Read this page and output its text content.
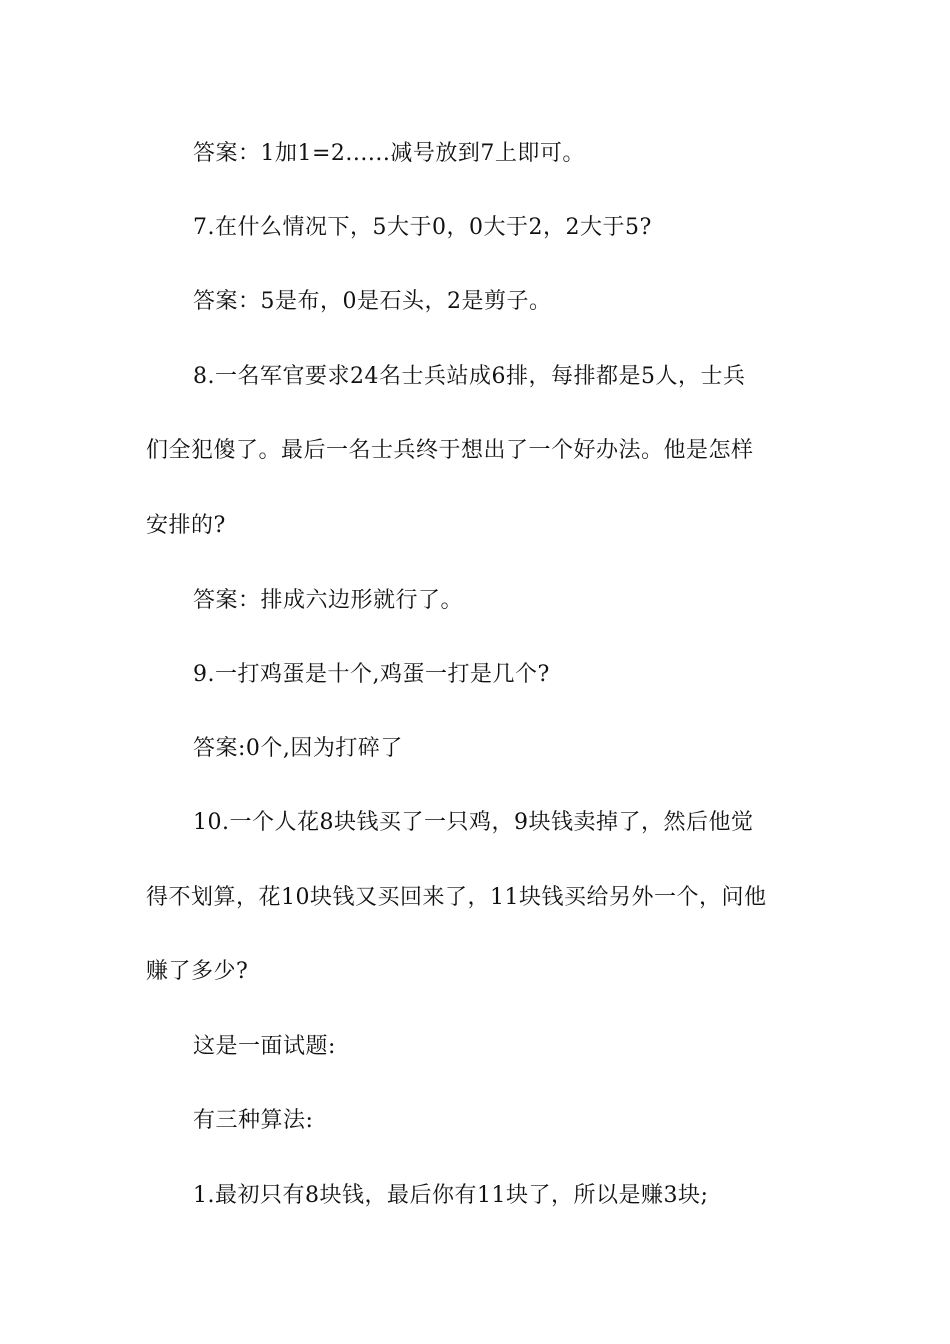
答案：1加1=2......减号放到7上即可。
7.在什么情况下，5大于0，0大于2，2大于5?
答案：5是布，0是石头，2是剪子。
8.一名军官要求24名士兵站成6排，每排都是5人，士兵
们全犯傻了。最后一名士兵终于想出了一个好办法。他是怎样
安排的?
答案：排成六边形就行了。
9.一打鸡蛋是十个,鸡蛋一打是几个?
答案:0个,因为打碎了
10.一个人花8块钱买了一只鸡，9块钱卖掉了，然后他觉
得不划算，花10块钱又买回来了，11块钱买给另外一个，问他
赚了多少?
这是一面试题:
有三种算法:
1.最初只有8块钱，最后你有11块了，所以是赚3块;
